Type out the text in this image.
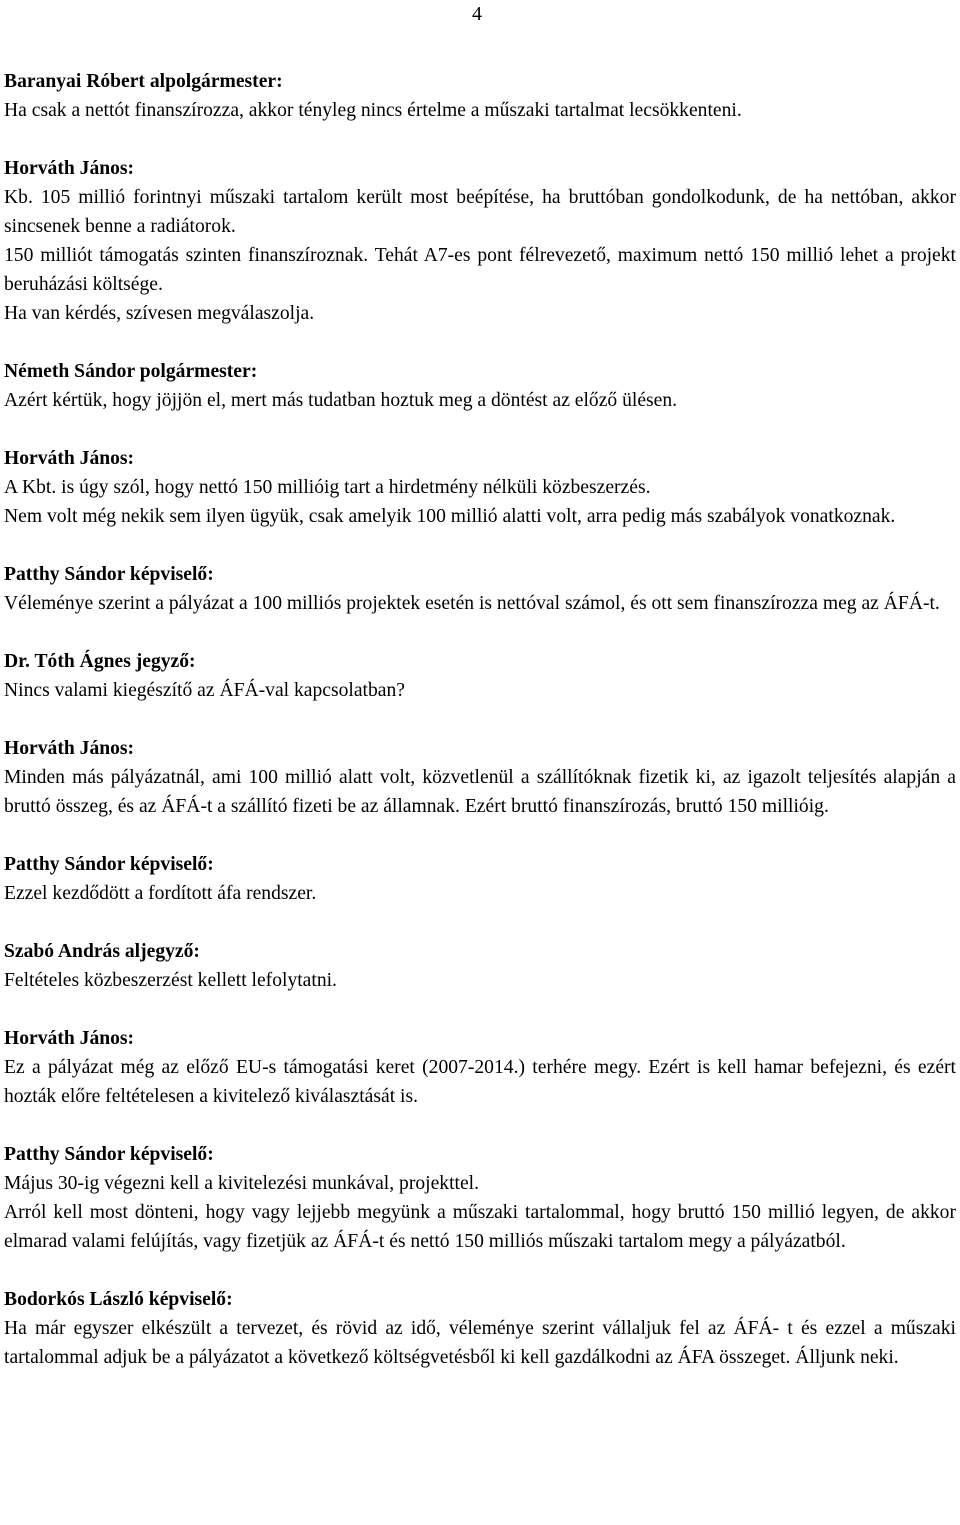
4
Baranyai Róbert alpolgármester:
Ha csak a nettót finanszírozza, akkor tényleg nincs értelme a műszaki tartalmat lecsökkenteni.
Horváth János:
Kb. 105 millió forintnyi műszaki tartalom került most beépítése, ha bruttóban gondolkodunk, de ha nettóban, akkor sincsenek benne a radiátorok.
150 milliót támogatás szinten finanszíroznak. Tehát A7-es pont félrevezető, maximum nettó 150 millió lehet a projekt beruházási költsége.
Ha van kérdés, szívesen megválaszolja.
Németh Sándor polgármester:
Azért kértük, hogy jöjjön el, mert más tudatban hoztuk meg a döntést az előző ülésen.
Horváth János:
A Kbt. is úgy szól, hogy nettó 150 millióig tart a hirdetmény nélküli közbeszerzés.
Nem volt még nekik sem ilyen ügyük, csak amelyik 100 millió alatti volt, arra pedig más szabályok vonatkoznak.
Patthy Sándor képviselő:
Véleménye szerint a pályázat a 100 milliós projektek esetén is nettóval számol, és ott sem finanszírozza meg az ÁFÁ-t.
Dr. Tóth Ágnes jegyző:
Nincs valami kiegészítő az ÁFÁ-val kapcsolatban?
Horváth János:
Minden más pályázatnál, ami 100 millió alatt volt, közvetlenül a szállítóknak fizetik ki, az igazolt teljesítés alapján a bruttó összeg, és az ÁFÁ-t a szállító fizeti be az államnak. Ezért bruttó finanszírozás, bruttó 150 millióig.
Patthy Sándor képviselő:
Ezzel kezdődött a fordított áfa rendszer.
Szabó András aljegyző:
Feltételes közbeszerzést kellett lefolytatni.
Horváth János:
Ez a pályázat még az előző EU-s támogatási keret (2007-2014.) terhére megy. Ezért is kell hamar befejezni, és ezért hozták előre feltételesen a kivitelező kiválasztását is.
Patthy Sándor képviselő:
Május 30-ig végezni kell a kivitelezési munkával, projekttel.
Arról kell most dönteni, hogy vagy lejjebb megyünk a műszaki tartalommal, hogy bruttó 150 millió legyen, de akkor elmarad valami felújítás, vagy fizetjük az ÁFÁ-t és nettó 150 milliós műszaki tartalom megy a pályázatból.
Bodorkós László képviselő:
Ha már egyszer elkészült a tervezet, és rövid az idő, véleménye szerint vállaljuk fel az ÁFÁ- t és ezzel a műszaki tartalommal adjuk be a pályázatot a következő költségvetésből ki kell gazdálkodni az ÁFA összeget. Álljunk neki.
